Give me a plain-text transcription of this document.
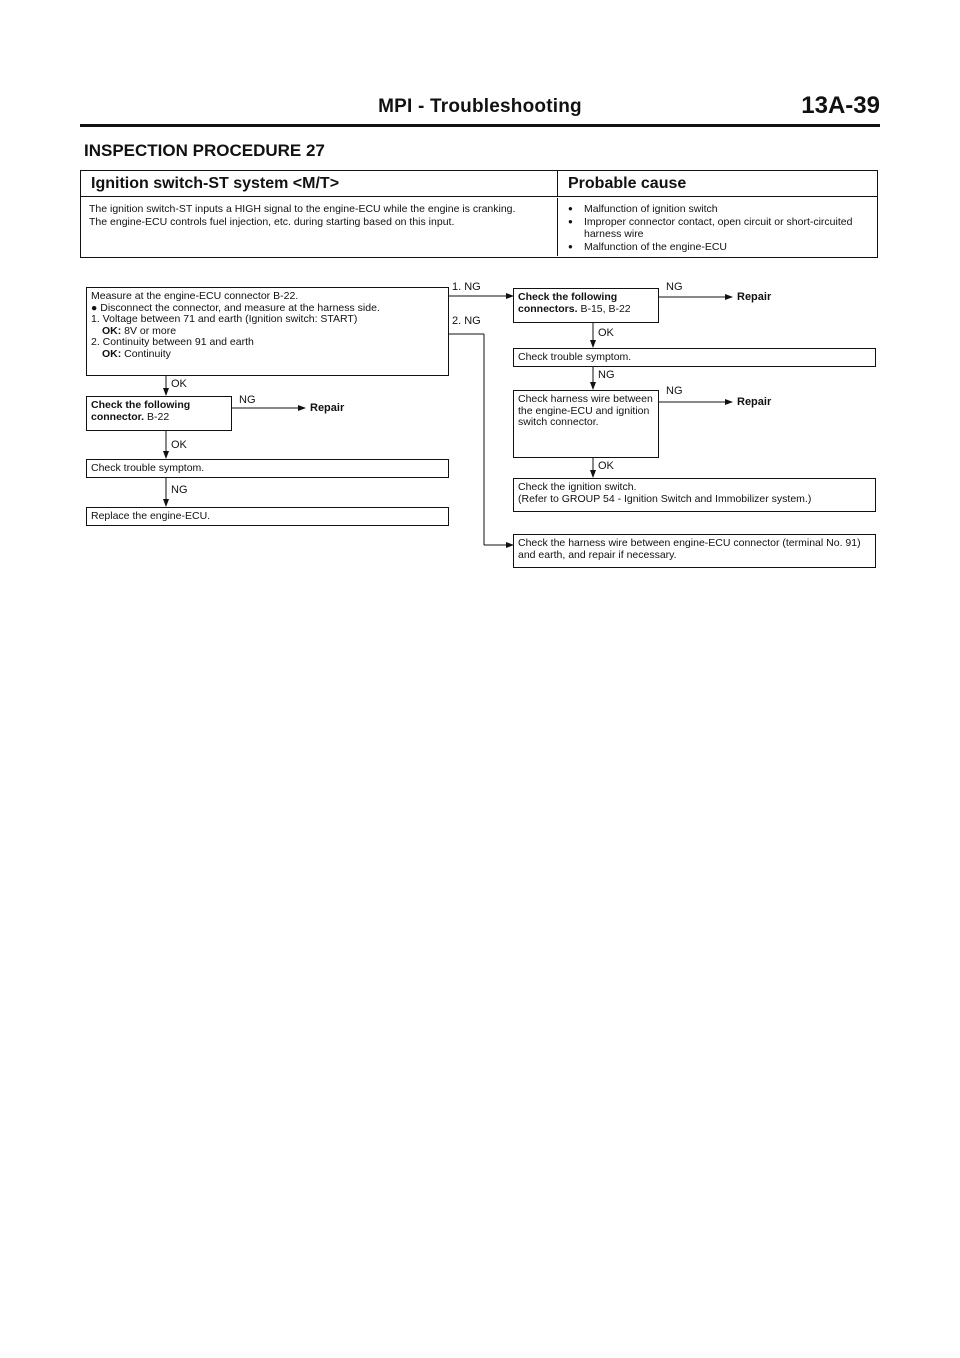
MPI - Troubleshooting	13A-39
INSPECTION PROCEDURE 27
Ignition switch-ST system <M/T>	Probable cause
The ignition switch-ST inputs a HIGH signal to the engine-ECU while the engine is cranking.
The engine-ECU controls fuel injection, etc. during starting based on this input.
● Malfunction of ignition switch
● Improper connector contact, open circuit or short-circuited harness wire
● Malfunction of the engine-ECU
Measure at the engine-ECU connector B-22.
● Disconnect the connector, and measure at the harness side.
1. Voltage between 71 and earth (Ignition switch: START)
OK: 8V or more
2. Continuity between 91 and earth
OK: Continuity
Check the following connector. B-22
Check trouble symptom.
Replace the engine-ECU.
Check the following connectors. B-15, B-22
Check trouble symptom.
Check harness wire between the engine-ECU and ignition switch connector.
Check the ignition switch.
(Refer to GROUP 54 - Ignition Switch and Immobilizer system.)
Check the harness wire between engine-ECU connector (terminal No. 91) and earth, and repair if necessary.
1. NG
2. NG
OK
NG
Repair
OK
NG
NG
Repair
OK
NG
NG
Repair
OK
